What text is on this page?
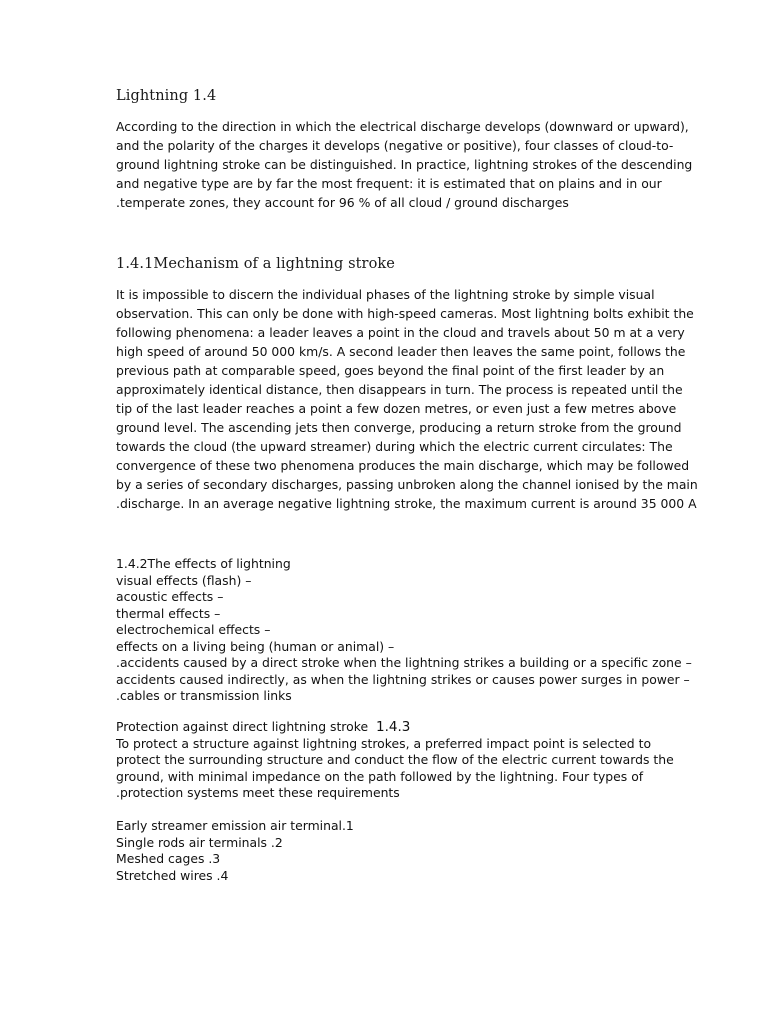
Lightning 1.4
According to the direction in which the electrical discharge develops (downward or upward),
and the polarity of the charges it develops (negative or positive), four classes of cloud-to-
ground lightning stroke can be distinguished. In practice, lightning strokes of the descending
and negative type are by far the most frequent: it is estimated that on plains and in our
.temperate zones, they account for 96 % of all cloud / ground discharges
1.4.1Mechanism of a lightning stroke
It is impossible to discern the individual phases of the lightning stroke by simple visual
observation. This can only be done with high-speed cameras. Most lightning bolts exhibit the
following phenomena: a leader leaves a point in the cloud and travels about 50 m at a very
high speed of around 50 000 km/s. A second leader then leaves the same point, follows the
previous path at comparable speed, goes beyond the final point of the first leader by an
approximately identical distance, then disappears in turn. The process is repeated until the
tip of the last leader reaches a point a few dozen metres, or even just a few metres above
ground level. The ascending jets then converge, producing a return stroke from the ground
towards the cloud (the upward streamer) during which the electric current circulates: The
convergence of these two phenomena produces the main discharge, which may be followed
by a series of secondary discharges, passing unbroken along the channel ionised by the main
.discharge. In an average negative lightning stroke, the maximum current is around 35 000 A
1.4.2The effects of lightning
visual effects (flash) –
acoustic effects –
thermal effects –
electrochemical effects –
effects on a living being (human or animal) –
.accidents caused by a direct stroke when the lightning strikes a building or a specific zone –
accidents caused indirectly, as when the lightning strikes or causes power surges in power –
.cables or transmission links
Protection against direct lightning stroke 1.4.3
To protect a structure against lightning strokes, a preferred impact point is selected to
protect the surrounding structure and conduct the flow of the electric current towards the
ground, with minimal impedance on the path followed by the lightning. Four types of
.protection systems meet these requirements
Early streamer emission air terminal.1
Single rods air terminals .2
Meshed cages .3
Stretched wires .4
